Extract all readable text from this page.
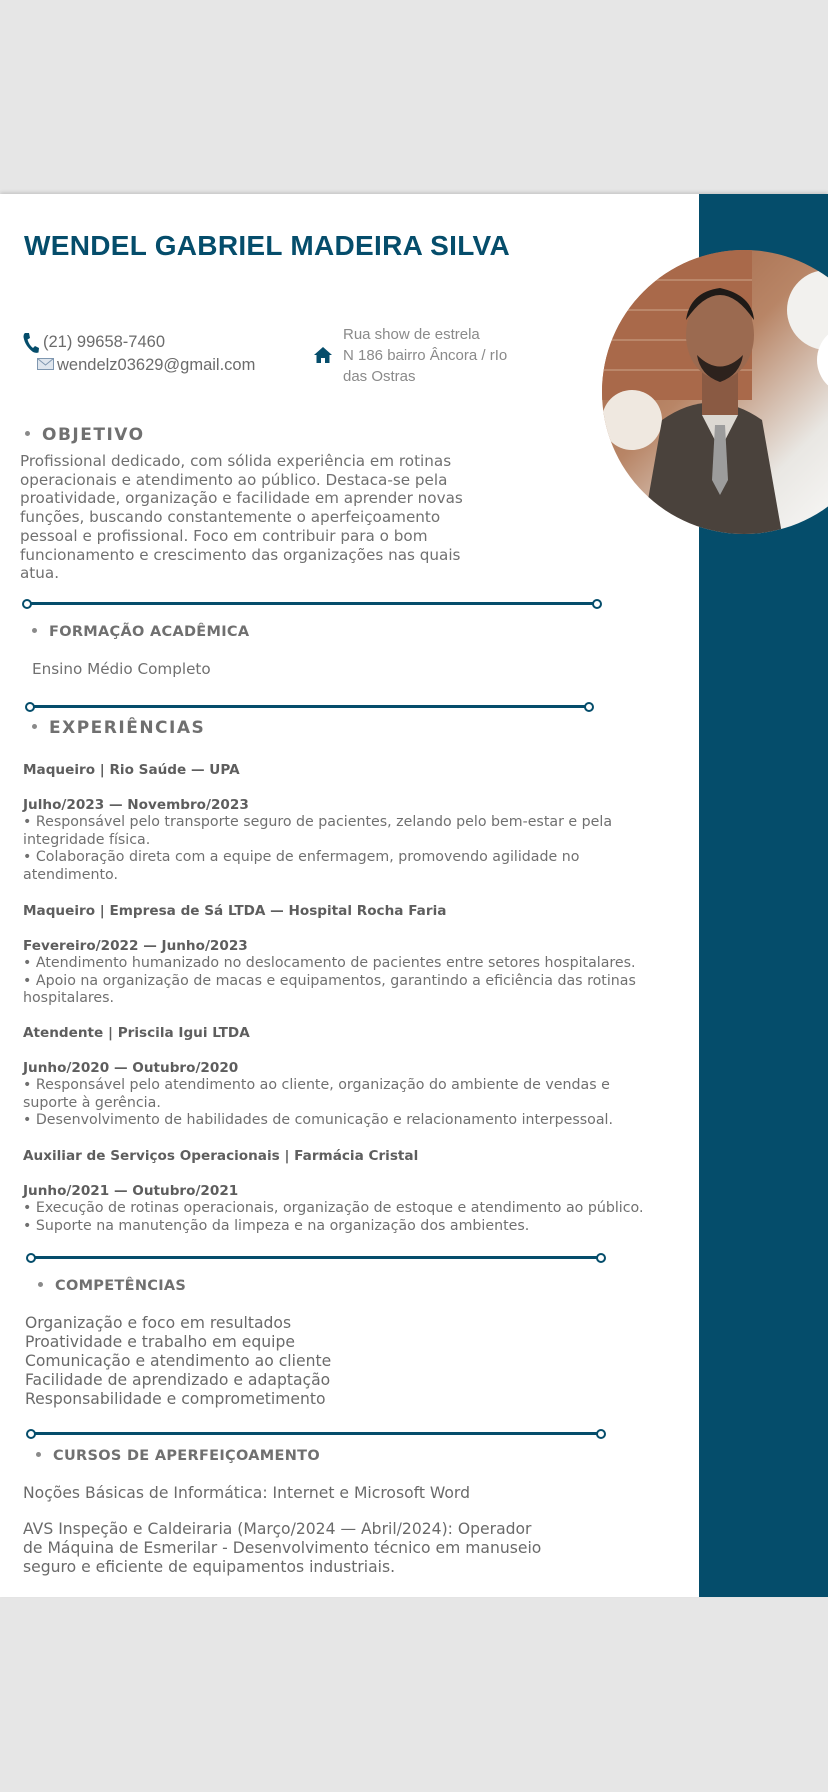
WENDEL GABRIEL MADEIRA SILVA
(21) 99658-7460
wendelz03629@gmail.com
Rua show de estrela
N 186 bairro Âncora / rIo
das Ostras
OBJETIVO
Profissional dedicado, com sólida experiência em rotinas
operacionais e atendimento ao público. Destaca-se pela
proatividade, organização e facilidade em aprender novas
funções, buscando constantemente o aperfeiçoamento
pessoal e profissional. Foco em contribuir para o bom
funcionamento e crescimento das organizações nas quais
atua.
FORMAÇÃO ACADÊMICA
Ensino Médio Completo
EXPERIÊNCIAS
Maqueiro | Rio Saúde — UPA
Julho/2023 — Novembro/2023
• Responsável pelo transporte seguro de pacientes, zelando pelo bem-estar e pela
integridade física.
• Colaboração direta com a equipe de enfermagem, promovendo agilidade no
atendimento.
Maqueiro | Empresa de Sá LTDA — Hospital Rocha Faria
Fevereiro/2022 — Junho/2023
• Atendimento humanizado no deslocamento de pacientes entre setores hospitalares.
• Apoio na organização de macas e equipamentos, garantindo a eficiência das rotinas
hospitalares.
Atendente | Priscila Igui LTDA
Junho/2020 — Outubro/2020
• Responsável pelo atendimento ao cliente, organização do ambiente de vendas e
suporte à gerência.
• Desenvolvimento de habilidades de comunicação e relacionamento interpessoal.
Auxiliar de Serviços Operacionais | Farmácia Cristal
Junho/2021 — Outubro/2021
• Execução de rotinas operacionais, organização de estoque e atendimento ao público.
• Suporte na manutenção da limpeza e na organização dos ambientes.
COMPETÊNCIAS
Organização e foco em resultados
Proatividade e trabalho em equipe
Comunicação e atendimento ao cliente
Facilidade de aprendizado e adaptação
Responsabilidade e comprometimento
CURSOS DE APERFEIÇOAMENTO
Noções Básicas de Informática: Internet e Microsoft Word
AVS Inspeção e Caldeiraria (Março/2024 — Abril/2024): Operador
de Máquina de Esmerilar - Desenvolvimento técnico em manuseio
seguro e eficiente de equipamentos industriais.
